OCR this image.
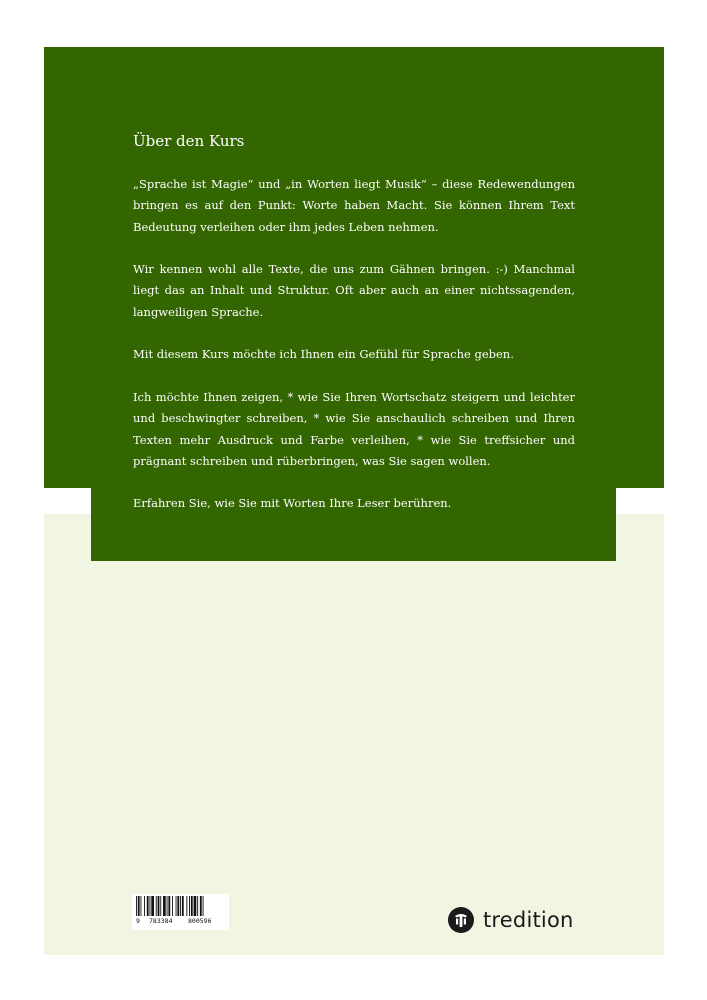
Über den Kurs

„Sprache ist Magie“ und „in Worten liegt Musik“ – diese Redewendungen bringen es auf den Punkt: Worte haben Macht. Sie können Ihrem Text Bedeutung verleihen oder ihm jedes Leben nehmen.

Wir kennen wohl alle Texte, die uns zum Gähnen bringen. :-) Manchmal liegt das an Inhalt und Struktur. Oft aber auch an einer nichtssagenden, langweiligen Sprache.

Mit diesem Kurs möchte ich Ihnen ein Gefühl für Sprache geben.

Ich möchte Ihnen zeigen, * wie Sie Ihren Wortschatz steigern und leichter und beschwingter schreiben, * wie Sie anschaulich schreiben und Ihren Texten mehr Ausdruck und Farbe verleihen, * wie Sie treffsicher und prägnant schreiben und rüberbringen, was Sie sagen wollen.

Erfahren Sie, wie Sie mit Worten Ihre Leser berühren.

9 783384 800596	tredition
